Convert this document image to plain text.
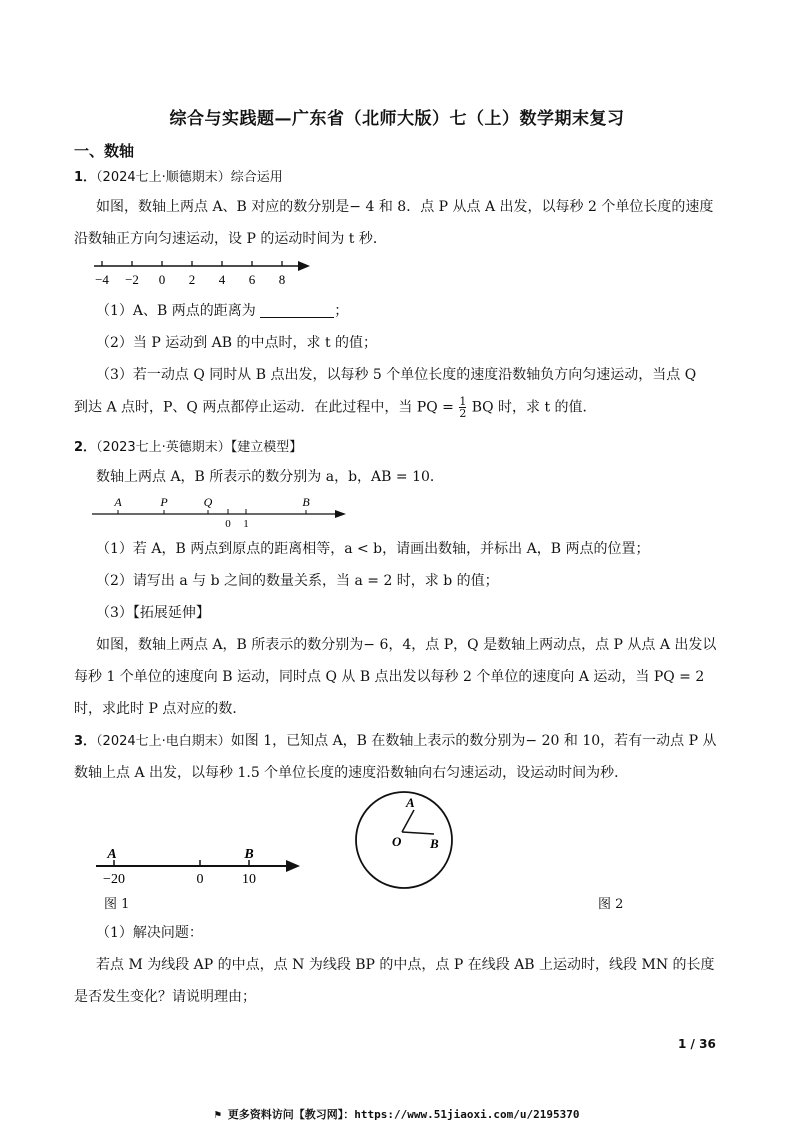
综合与实践题—广东省（北师大版）七（上）数学期末复习
一、数轴
1．（2024七上·顺德期末）综合运用
如图，数轴上两点 A、B 对应的数分别是− 4 和 8．点 P 从点 A 出发，以每秒 2 个单位长度的速度
沿数轴正方向匀速运动，设 P 的运动时间为 t 秒．
−4 −2 0 2 4 6 8
（1）A、B 两点的距离为	；
（2）当 P 运动到 AB 的中点时，求 t 的值；
（3）若一动点 Q 同时从 B 点出发，以每秒 5 个单位长度的速度沿数轴负方向匀速运动，当点 Q
到达 A 点时，P、Q 两点都停止运动．在此过程中，当 PQ = $\frac{1}{2}$ BQ 时，求 t 的值．
2．（2023七上·英德期末）【建立模型】
数轴上两点 A，B 所表示的数分别为 a，b，AB = 10．
A	P	Q	B
0 1
（1）若 A，B 两点到原点的距离相等，a < b，请画出数轴，并标出 A，B 两点的位置；
（2）请写出 a 与 b 之间的数量关系，当 a = 2 时，求 b 的值；
（3）【拓展延伸】
如图，数轴上两点 A，B 所表示的数分别为− 6，4，点 P，Q 是数轴上两动点，点 P 从点 A 出发以
每秒 1 个单位的速度向 B 运动，同时点 Q 从 B 点出发以每秒 2 个单位的速度向 A 运动，当 PQ = 2
时，求此时 P 点对应的数．
3．（2024七上·电白期末）如图 1，已知点 A，B 在数轴上表示的数分别为− 20 和 10，若有一动点 P 从
数轴上点 A 出发，以每秒 1.5 个单位长度的速度沿数轴向右匀速运动，设运动时间为秒．
−20	0	10
A	B
图 1
A
O B
图 2
（1）解决问题：
若点 M 为线段 AP 的中点，点 N 为线段 BP 的中点，点 P 在线段 AB 上运动时，线段 MN 的长度
是否发生变化？请说明理由；
1 / 36
⚑ 更多资料访问【教习网】：https://www.51jiaoxi.com/u/2195370
